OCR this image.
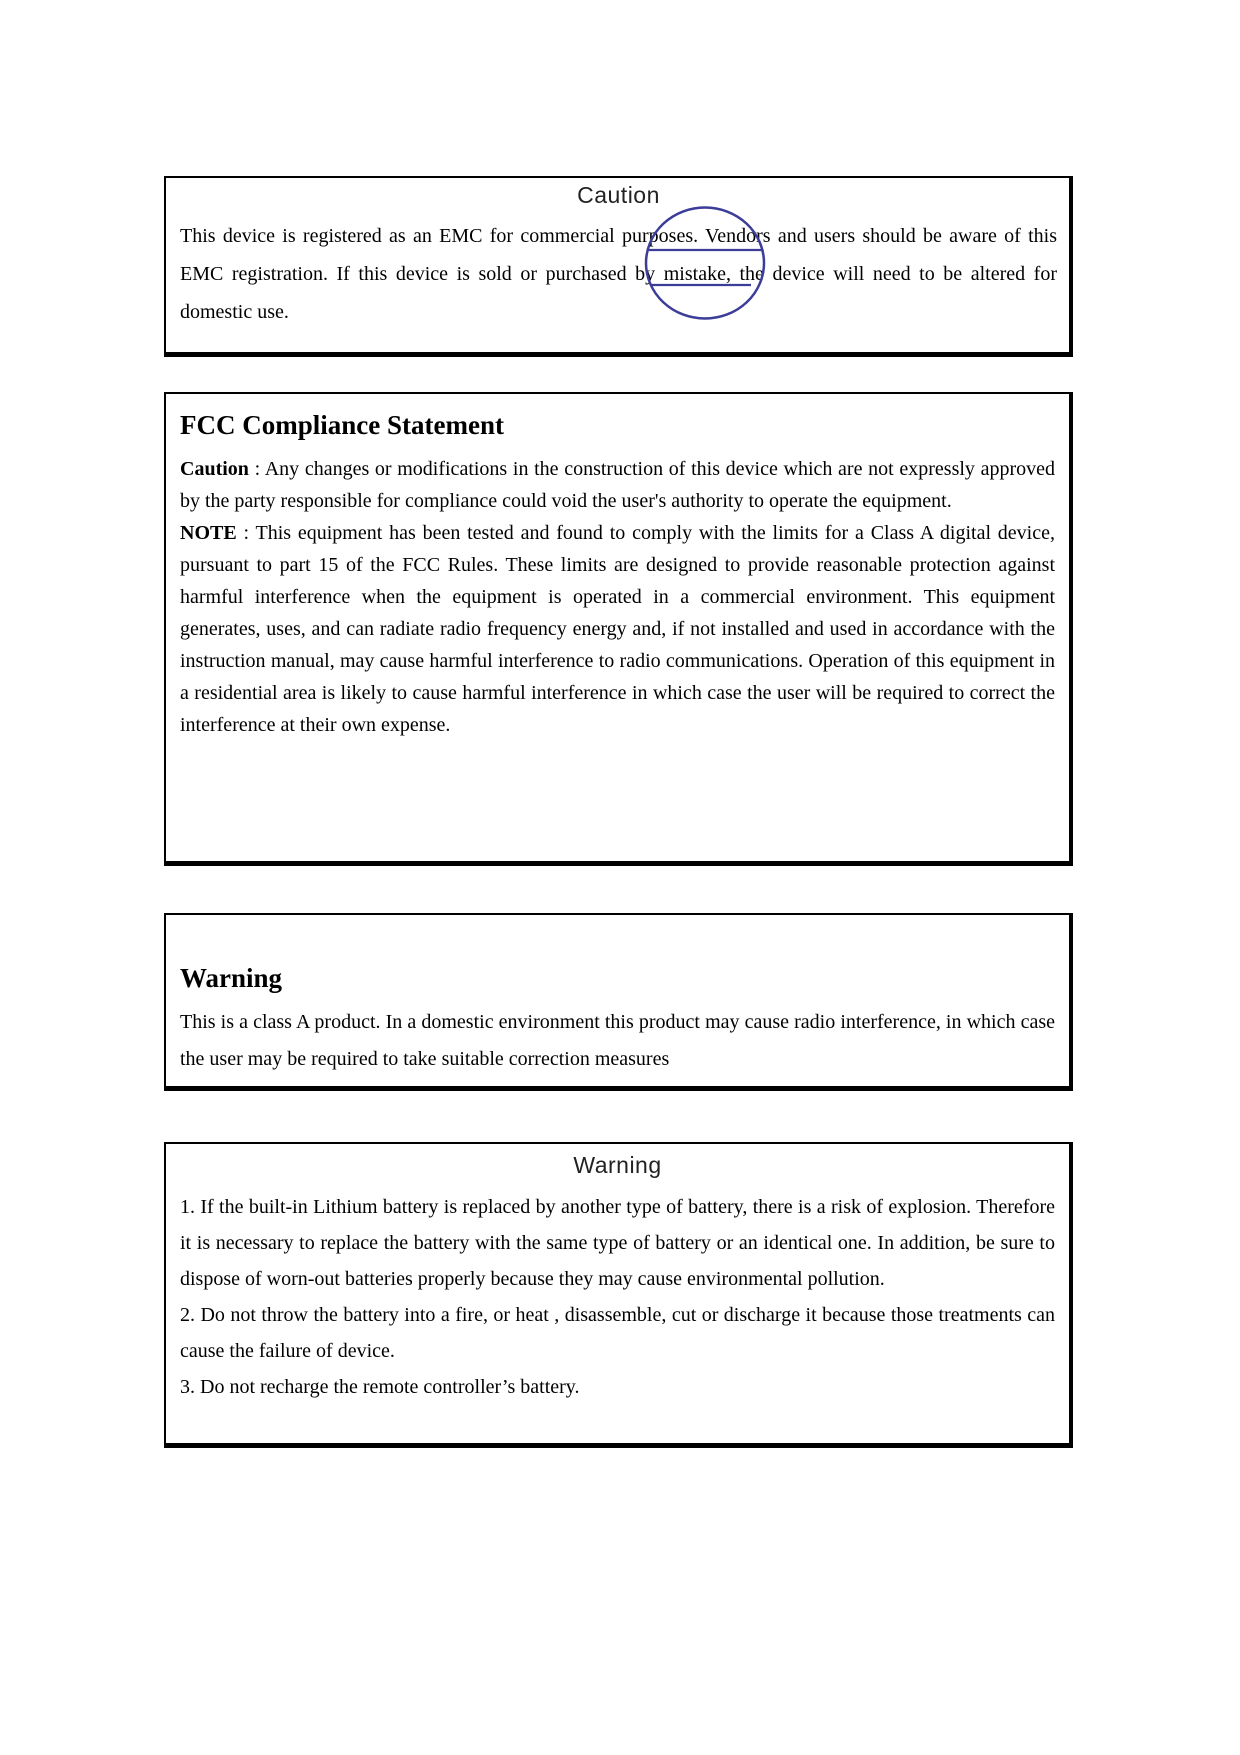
Caution

This device is registered as an EMC for commercial purposes. Vendors and users should be aware of this EMC registration. If this device is sold or purchased by mistake, the device will need to be altered for domestic use.

FCC Compliance Statement

Caution : Any changes or modifications in the construction of this device which are not expressly approved by the party responsible for compliance could void the user's authority to operate the equipment.

NOTE : This equipment has been tested and found to comply with the limits for a Class A digital device, pursuant to part 15 of the FCC Rules. These limits are designed to provide reasonable protection against harmful interference when the equipment is operated in a commercial environment. This equipment generates, uses, and can radiate radio frequency energy and, if not installed and used in accordance with the instruction manual, may cause harmful interference to radio communications. Operation of this equipment in a residential area is likely to cause harmful interference in which case the user will be required to correct the interference at their own expense.

Warning

This is a class A product. In a domestic environment this product may cause radio interference, in which case the user may be required to take suitable correction measures

Warning

1. If the built-in Lithium battery is replaced by another type of battery, there is a risk of explosion. Therefore it is necessary to replace the battery with the same type of battery or an identical one. In addition, be sure to dispose of worn-out batteries properly because they may cause environmental pollution.

2. Do not throw the battery into a fire, or heat , disassemble, cut or discharge it because those treatments can cause the failure of device.

3. Do not recharge the remote controller’s battery.
